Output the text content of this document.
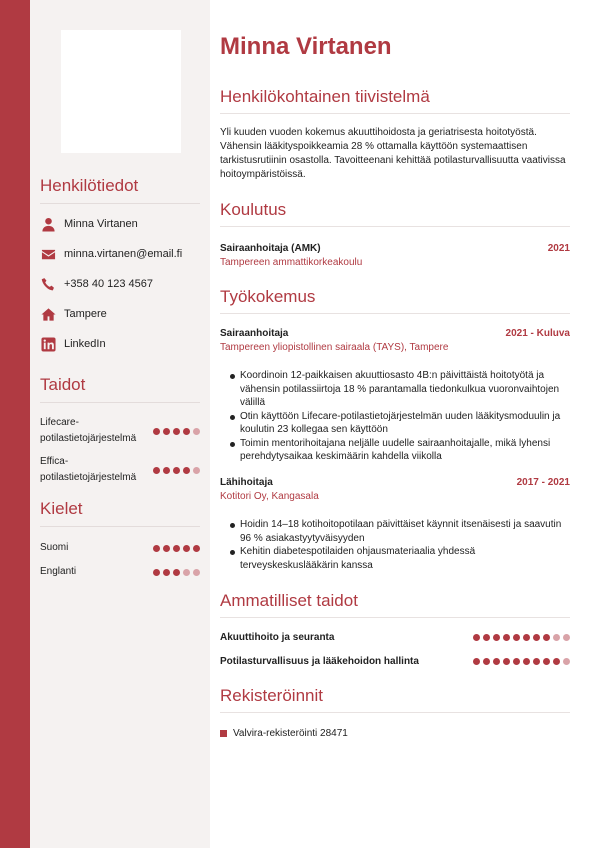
Henkilötiedot
Minna Virtanen
minna.virtanen@email.fi
+358 40 123 4567
Tampere
LinkedIn
Taidot
Lifecare-potilastietojärjestelmä
Effica-potilastietojärjestelmä
Kielet
Suomi
Englanti
Minna Virtanen
Henkilökohtainen tiivistelmä
Yli kuuden vuoden kokemus akuuttihoidosta ja geriatrisesta hoitotyöstä. Vähensin lääkityspoikkeamia 28 % ottamalla käyttöön systemaattisen tarkistusrutiinin osastolla. Tavoitteenani kehittää potilasturvallisuutta vaativissa hoitoympäristöissä.
Koulutus
Sairaanhoitaja (AMK)	2021
Tampereen ammattikorkeakoulu
Työkokemus
Sairaanhoitaja	2021 - Kuluva
Tampereen yliopistollinen sairaala (TAYS), Tampere
Koordinoin 12-paikkaisen akuuttiosasto 4B:n päivittäistä hoitotyötä ja vähensin potilassiirtoja 18 % parantamalla tiedonkulkua vuoronvaihtojen välillä
Otin käyttöön Lifecare-potilastietojärjestelmän uuden lääkitysmoduulin ja koulutin 23 kollegaa sen käyttöön
Toimin mentorihoitajana neljälle uudelle sairaanhoitajalle, mikä lyhensi perehdytysaikaa keskimäärin kahdella viikolla
Lähihoitaja	2017 - 2021
Kotitori Oy, Kangasala
Hoidin 14–18 kotihoitopotilaan päivittäiset käynnit itsenäisesti ja saavutin 96 % asiakastyytyväisyyden
Kehitin diabetespotilaiden ohjausmateriaalia yhdessä terveyskeskuslääkärin kanssa
Ammatilliset taidot
Akuuttihoito ja seuranta
Potilasturvallisuus ja lääkehoidon hallinta
Rekisteröinnit
Valvira-rekisteröinti 28471
